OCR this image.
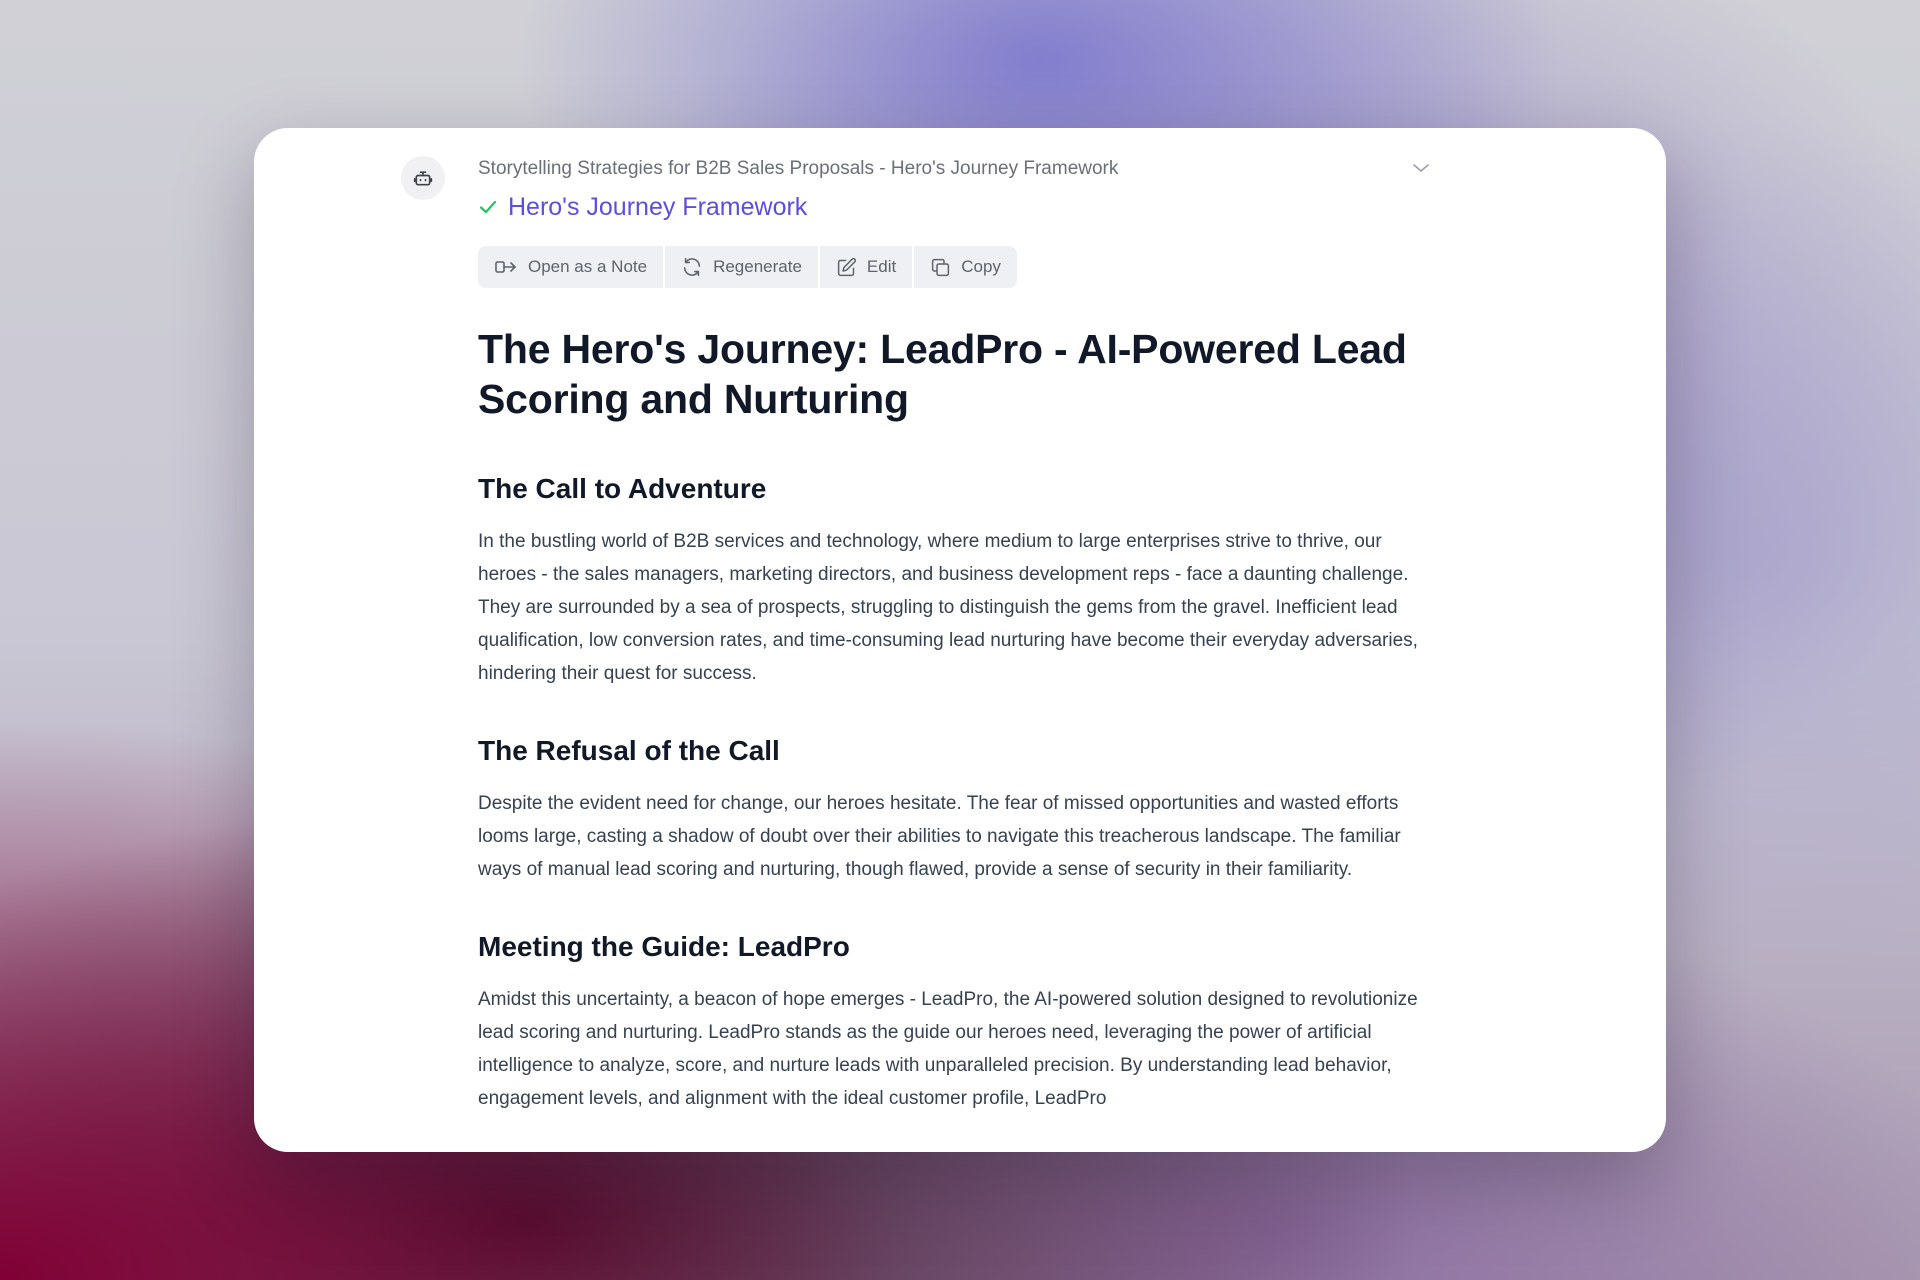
Storytelling Strategies for B2B Sales Proposals - Hero's Journey Framework
Hero's Journey Framework
Open as a Note	Regenerate	Edit	Copy
The Hero's Journey: LeadPro - AI-Powered Lead Scoring and Nurturing
The Call to Adventure

In the bustling world of B2B services and technology, where medium to large enterprises strive to thrive, our heroes - the sales managers, marketing directors, and business development reps - face a daunting challenge. They are surrounded by a sea of prospects, struggling to distinguish the gems from the gravel. Inefficient lead qualification, low conversion rates, and time-consuming lead nurturing have become their everyday adversaries, hindering their quest for success.

The Refusal of the Call

Despite the evident need for change, our heroes hesitate. The fear of missed opportunities and wasted efforts looms large, casting a shadow of doubt over their abilities to navigate this treacherous landscape. The familiar ways of manual lead scoring and nurturing, though flawed, provide a sense of security in their familiarity.

Meeting the Guide: LeadPro

Amidst this uncertainty, a beacon of hope emerges - LeadPro, the AI-powered solution designed to revolutionize lead scoring and nurturing. LeadPro stands as the guide our heroes need, leveraging the power of artificial intelligence to analyze, score, and nurture leads with unparalleled precision. By understanding lead behavior, engagement levels, and alignment with the ideal customer profile, LeadPro
